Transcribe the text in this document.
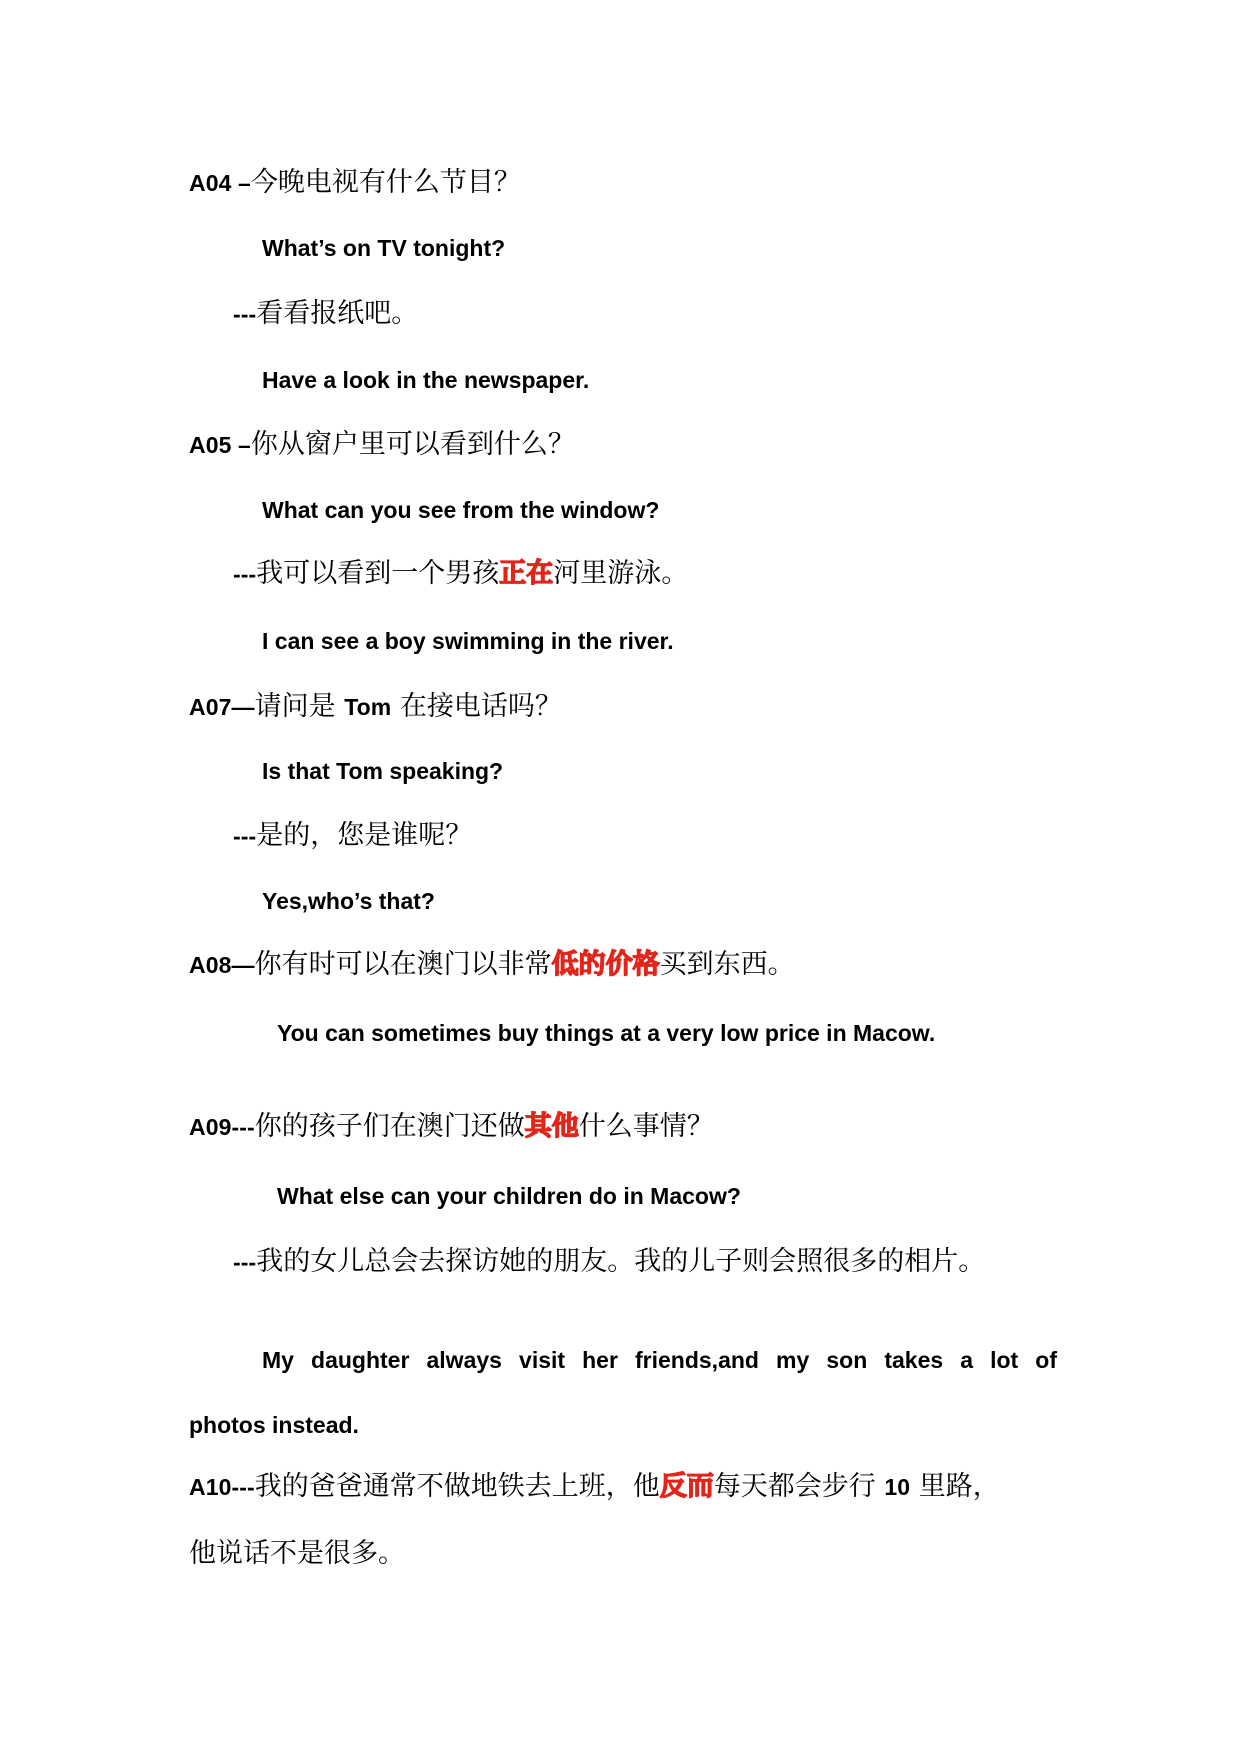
A04 –今晚电视有什么节目？
What’s on TV tonight?
---看看报纸吧。
Have a look in the newspaper.
A05 –你从窗户里可以看到什么？
What can you see from the window?
---我可以看到一个男孩正在河里游泳。
I can see a boy swimming in the river.
A07—请问是 Tom 在接电话吗？
Is that Tom speaking?
---是的，您是谁呢？
Yes,who’s that?
A08—你有时可以在澳门以非常低的价格买到东西。
You can sometimes buy things at a very low price in Macow.
A09---你的孩子们在澳门还做其他什么事情？
What else can your children do in Macow?
---我的女儿总会去探访她的朋友。我的儿子则会照很多的相片。
My daughter always visit her friends,and my son takes a lot of
photos instead.
A10---我的爸爸通常不做地铁去上班，他反而每天都会步行 10 里路，
他说话不是很多。
